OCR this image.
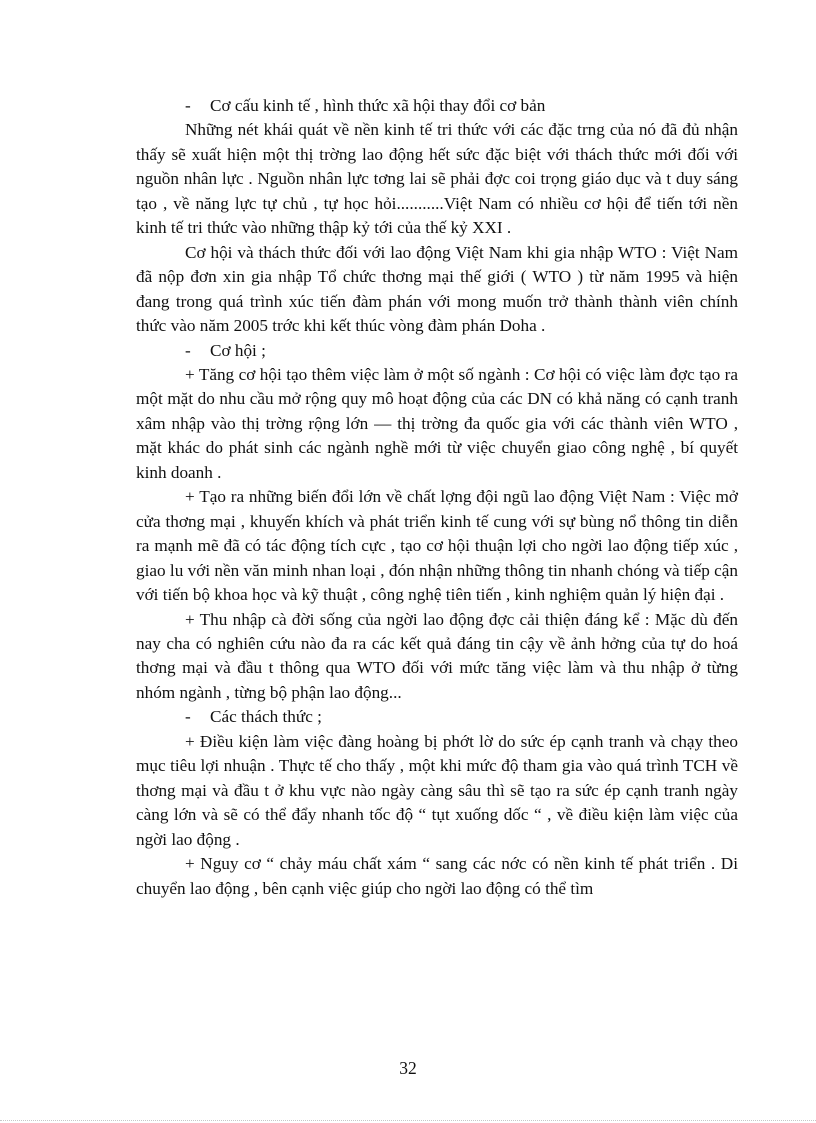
- Cơ cấu kinh tế , hình thức xã hội thay đổi cơ bản

Những nét khái quát về nền kinh tế tri thức với các đặc trng của nó đã đủ nhận thấy sẽ xuất hiện một thị trờng lao động hết sức đặc biệt với thách thức mới đối với nguồn nhân lực . Nguồn nhân lực tơng lai sẽ phải đợc coi trọng giáo dục và t duy sáng tạo , về năng lực tự chủ , tự học hỏi...........Việt Nam có nhiều cơ hội để tiến tới nền kinh tế tri thức vào những thập kỷ tới của thế kỷ XXI .

Cơ hội và thách thức đối với lao động Việt Nam khi gia nhập WTO : Việt Nam đã nộp đơn xin gia nhập Tổ chức thơng mại thế giới ( WTO ) từ năm 1995 và hiện đang trong quá trình xúc tiến đàm phán với mong muốn trở thành thành viên chính thức vào năm 2005 trớc khi kết thúc vòng đàm phán Doha .

- Cơ hội ;

+ Tăng cơ hội tạo thêm việc làm ở một số ngành : Cơ hội có việc làm đợc tạo ra một mặt do nhu cầu mở rộng quy mô hoạt động của các DN có khả năng có cạnh tranh xâm nhập vào thị trờng rộng lớn — thị trờng đa quốc gia với các thành viên WTO , mặt khác do phát sinh các ngành nghề mới từ việc chuyển giao công nghệ , bí quyết kinh doanh .

+ Tạo ra những biến đổi lớn về chất lợng đội ngũ lao động Việt Nam : Việc mở cửa thơng mại , khuyến khích và phát triển kinh tế cung với sự bùng nổ thông tin diễn ra mạnh mẽ đã có tác động tích cực , tạo cơ hội thuận lợi cho ngời lao động tiếp xúc , giao lu với nền văn minh nhan loại , đón nhận những thông tin nhanh chóng và tiếp cận với tiến bộ khoa học và kỹ thuật , công nghệ tiên tiến , kinh nghiệm quản lý hiện đại .

+ Thu nhập cà đời sống của ngời lao động đợc cải thiện đáng kể : Mặc dù đến nay cha có nghiên cứu nào đa ra các kết quả đáng tin cậy về ảnh hởng của tự do hoá thơng mại và đầu t thông qua WTO đối với mức tăng việc làm và thu nhập ở từng nhóm ngành , từng bộ phận lao động...

- Các thách thức ;

+ Điều kiện làm việc đàng hoàng bị phớt lờ do sức ép cạnh tranh và chạy theo mục tiêu lợi nhuận . Thực tế cho thấy , một khi mức độ tham gia vào quá trình TCH về thơng mại và đầu t ở khu vực nào ngày càng sâu thì sẽ tạo ra sức ép cạnh tranh ngày càng lớn và sẽ có thể đẩy nhanh tốc độ “ tụt xuống dốc “ , về điều kiện làm việc của ngời lao động .

+ Nguy cơ “ chảy máu chất xám “ sang các nớc có nền kinh tế phát triển . Di chuyển lao động , bên cạnh việc giúp cho ngời lao động có thể tìm

32
